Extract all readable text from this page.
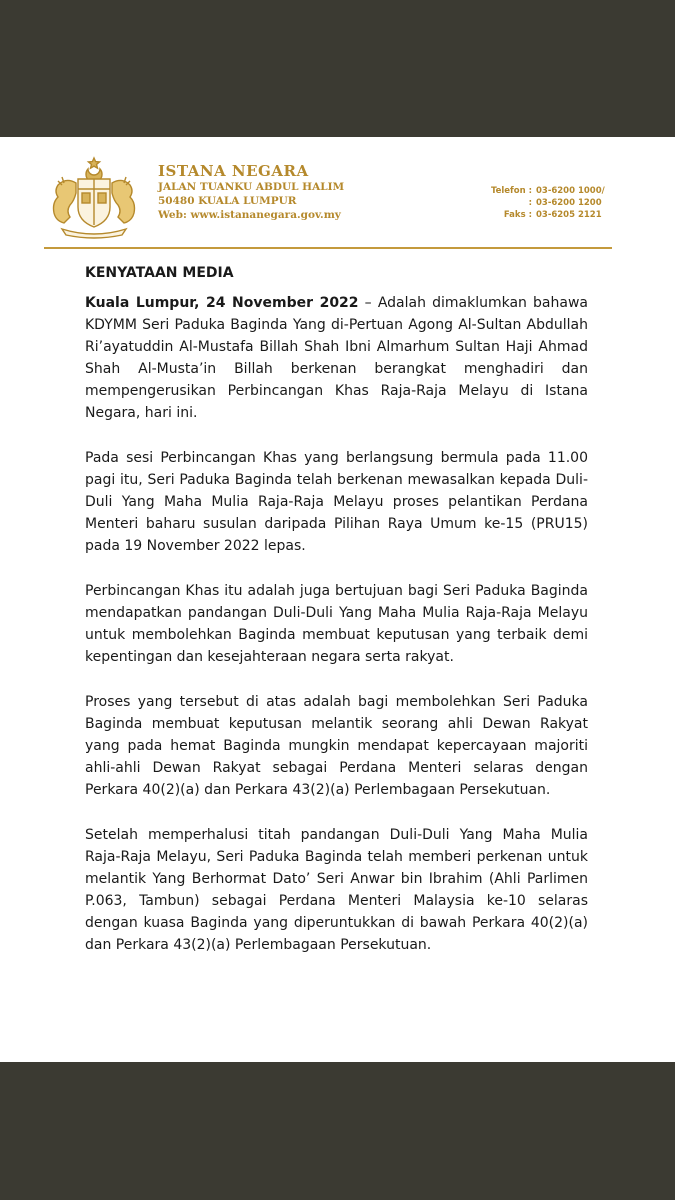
ISTANA NEGARA
JALAN TUANKU ABDUL HALIM
50480 KUALA LUMPUR
Web: www.istananegara.gov.my
Telefon : 03-6200 1000/
: 03-6200 1200
Faks : 03-6205 2121
KENYATAAN MEDIA

Kuala Lumpur, 24 November 2022 – Adalah dimaklumkan bahawa KDYMM Seri Paduka Baginda Yang di-Pertuan Agong Al-Sultan Abdullah Ri’ayatuddin Al-Mustafa Billah Shah Ibni Almarhum Sultan Haji Ahmad Shah Al-Musta’in Billah berkenan berangkat menghadiri dan mempengerusikan Perbincangan Khas Raja-Raja Melayu di Istana Negara, hari ini.

Pada sesi Perbincangan Khas yang berlangsung bermula pada 11.00 pagi itu, Seri Paduka Baginda telah berkenan mewasalkan kepada Duli-Duli Yang Maha Mulia Raja-Raja Melayu proses pelantikan Perdana Menteri baharu susulan daripada Pilihan Raya Umum ke-15 (PRU15) pada 19 November 2022 lepas.

Perbincangan Khas itu adalah juga bertujuan bagi Seri Paduka Baginda mendapatkan pandangan Duli-Duli Yang Maha Mulia Raja-Raja Melayu untuk membolehkan Baginda membuat keputusan yang terbaik demi kepentingan dan kesejahteraan negara serta rakyat.

Proses yang tersebut di atas adalah bagi membolehkan Seri Paduka Baginda membuat keputusan melantik seorang ahli Dewan Rakyat yang pada hemat Baginda mungkin mendapat kepercayaan majoriti ahli-ahli Dewan Rakyat sebagai Perdana Menteri selaras dengan Perkara 40(2)(a) dan Perkara 43(2)(a) Perlembagaan Persekutuan.

Setelah memperhalusi titah pandangan Duli-Duli Yang Maha Mulia Raja-Raja Melayu, Seri Paduka Baginda telah memberi perkenan untuk melantik Yang Berhormat Dato’ Seri Anwar bin Ibrahim (Ahli Parlimen P.063, Tambun) sebagai Perdana Menteri Malaysia ke-10 selaras dengan kuasa Baginda yang diperuntukkan di bawah Perkara 40(2)(a) dan Perkara 43(2)(a) Perlembagaan Persekutuan.
